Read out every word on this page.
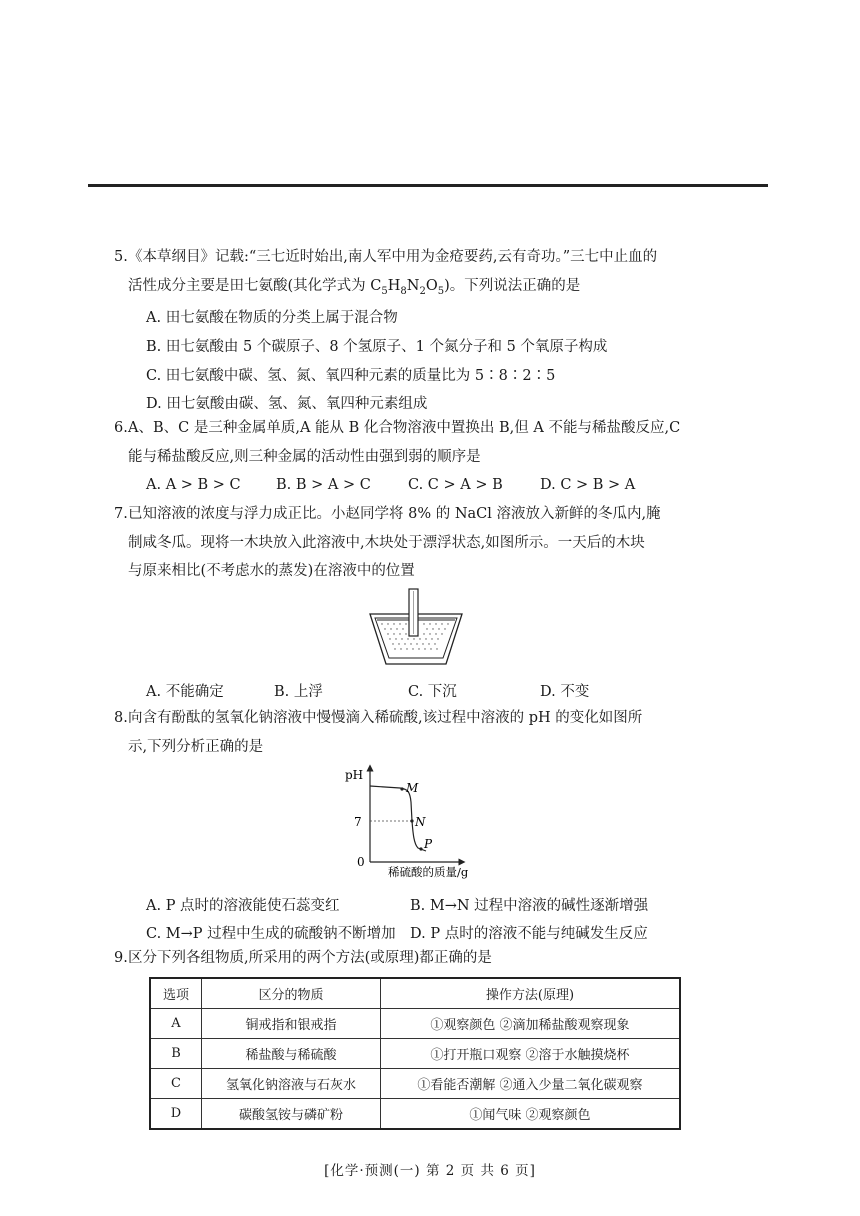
5. 《本草纲目》记载:“三七近时始出,南人军中用为金疮要药,云有奇功。”三七中止血的
活性成分主要是田七氨酸(其化学式为 $C_5H_8N_2O_5$)。下列说法正确的是
A. 田七氨酸在物质的分类上属于混合物
B. 田七氨酸由 5 个碳原子、8 个氢原子、1 个氮分子和 5 个氧原子构成
C. 田七氨酸中碳、氢、氮、氧四种元素的质量比为 5∶8∶2∶5
D. 田七氨酸由碳、氢、氮、氧四种元素组成
6. A、B、C 是三种金属单质,A 能从 B 化合物溶液中置换出 B,但 A 不能与稀盐酸反应,C
能与稀盐酸反应,则三种金属的活动性由强到弱的顺序是
A. A > B > C B. B > A > C	C. C > A > B	D. C > B > A
7. 已知溶液的浓度与浮力成正比。小赵同学将 8% 的 NaCl 溶液放入新鲜的冬瓜内,腌
制咸冬瓜。现将一木块放入此溶液中,木块处于漂浮状态,如图所示。一天后的木块
与原来相比(不考虑水的蒸发)在溶液中的位置
A. 不能确定	B. 上浮	C. 下沉	D. 不变
8. 向含有酚酞的氢氧化钠溶液中慢慢滴入稀硫酸,该过程中溶液的 pH 的变化如图所
示,下列分析正确的是
pH
7
0
M
N
P
稀硫酸的质量/g
A. P 点时的溶液能使石蕊变红	B. M→N 过程中溶液的碱性逐渐增强
C. M→P 过程中生成的硫酸钠不断增加 D. P 点时的溶液不能与纯碱发生反应
9. 区分下列各组物质,所采用的两个方法(或原理)都正确的是
选项	区分的物质	操作方法(原理)
A	铜戒指和银戒指	①观察颜色 ②滴加稀盐酸观察现象
B	稀盐酸与稀硫酸	①打开瓶口观察 ②溶于水触摸烧杯
C	氢氧化钠溶液与石灰水	①看能否潮解 ②通入少量二氧化碳观察
D	碳酸氢铵与磷矿粉	①闻气味 ②观察颜色
[化学·预测(一) 第 2 页 共 6 页]
